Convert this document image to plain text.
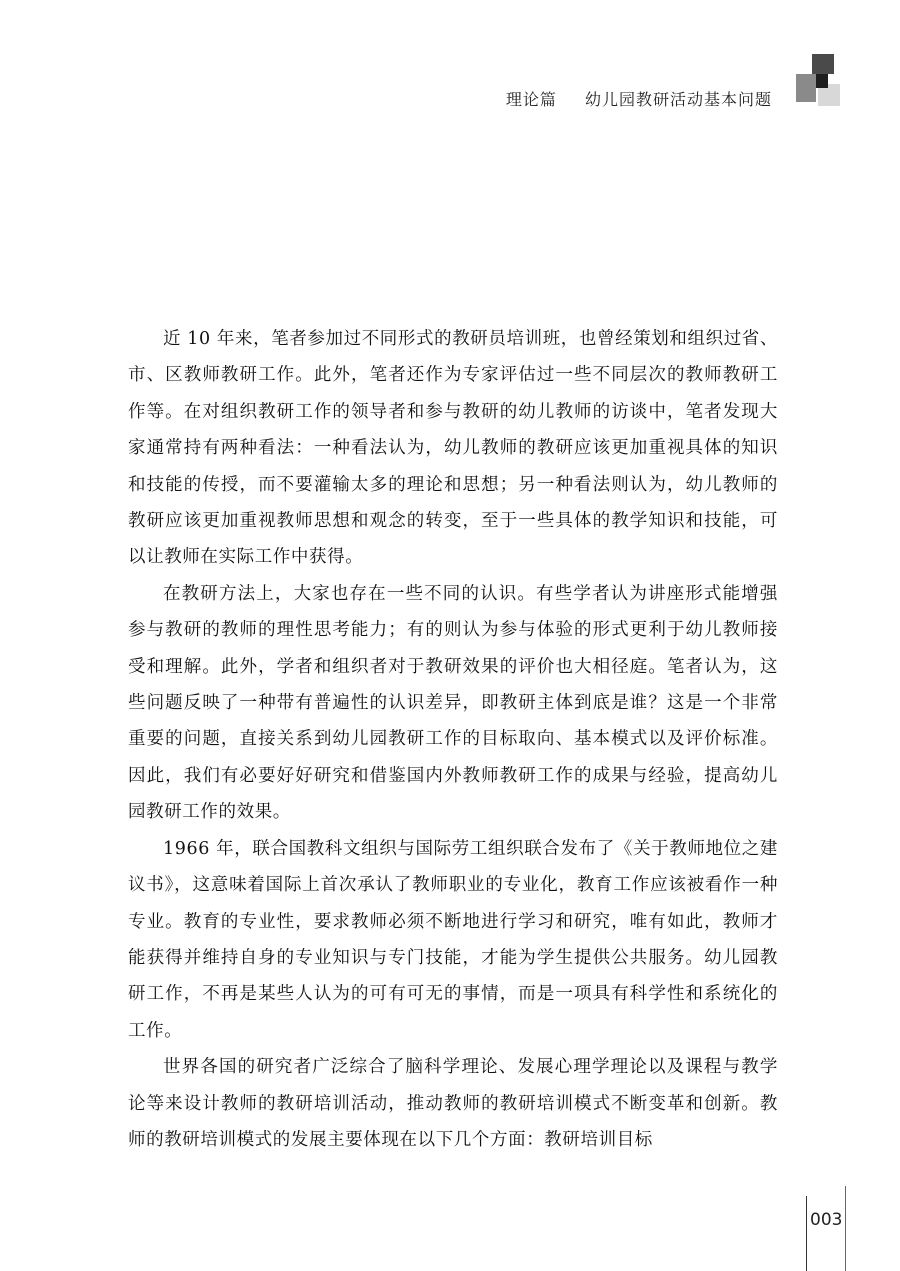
理论篇 幼儿园教研活动基本问题

近 10 年来，笔者参加过不同形式的教研员培训班，也曾经策划和组织过省、市、区教师教研工作。此外，笔者还作为专家评估过一些不同层次的教师教研工作等。在对组织教研工作的领导者和参与教研的幼儿教师的访谈中，笔者发现大家通常持有两种看法：一种看法认为，幼儿教师的教研应该更加重视具体的知识和技能的传授，而不要灌输太多的理论和思想；另一种看法则认为，幼儿教师的教研应该更加重视教师思想和观念的转变，至于一些具体的教学知识和技能，可以让教师在实际工作中获得。

在教研方法上，大家也存在一些不同的认识。有些学者认为讲座形式能增强参与教研的教师的理性思考能力；有的则认为参与体验的形式更利于幼儿教师接受和理解。此外，学者和组织者对于教研效果的评价也大相径庭。笔者认为，这些问题反映了一种带有普遍性的认识差异，即教研主体到底是谁？这是一个非常重要的问题，直接关系到幼儿园教研工作的目标取向、基本模式以及评价标准。因此，我们有必要好好研究和借鉴国内外教师教研工作的成果与经验，提高幼儿园教研工作的效果。

1966 年，联合国教科文组织与国际劳工组织联合发布了《关于教师地位之建议书》，这意味着国际上首次承认了教师职业的专业化，教育工作应该被看作一种专业。教育的专业性，要求教师必须不断地进行学习和研究，唯有如此，教师才能获得并维持自身的专业知识与专门技能，才能为学生提供公共服务。幼儿园教研工作，不再是某些人认为的可有可无的事情，而是一项具有科学性和系统化的工作。

世界各国的研究者广泛综合了脑科学理论、发展心理学理论以及课程与教学论等来设计教师的教研培训活动，推动教师的教研培训模式不断变革和创新。教师的教研培训模式的发展主要体现在以下几个方面：教研培训目标

003
